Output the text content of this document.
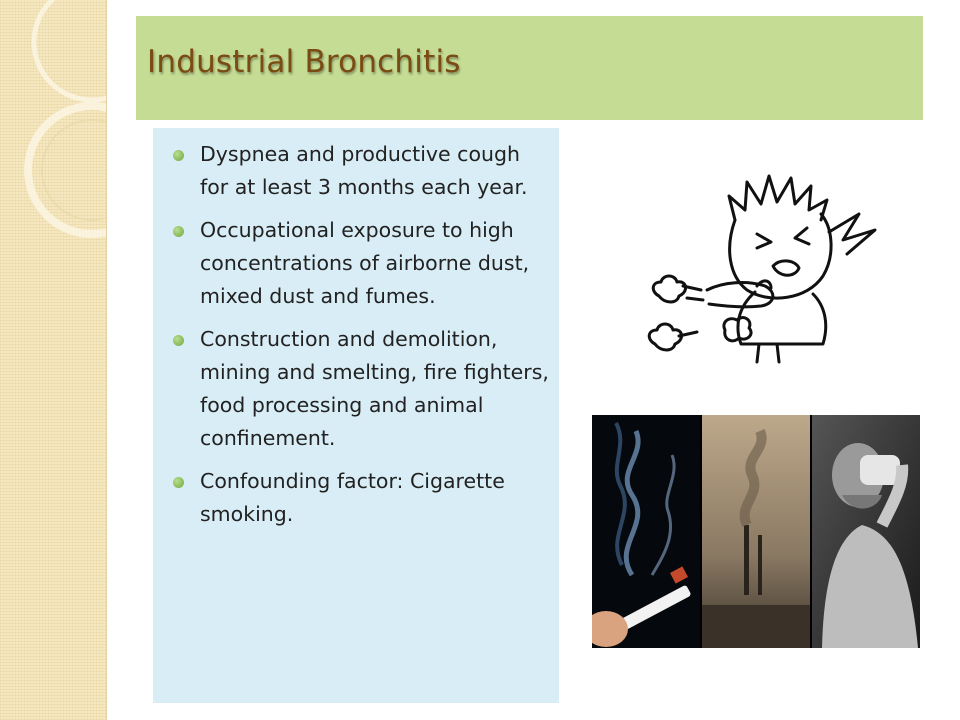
Industrial Bronchitis
Dyspnea and productive cough for at least 3 months each year.
Occupational exposure to high concentrations of airborne dust, mixed dust and fumes.
Construction and demolition, mining and smelting, fire fighters, food processing and animal confinement.
Confounding factor: Cigarette smoking.
